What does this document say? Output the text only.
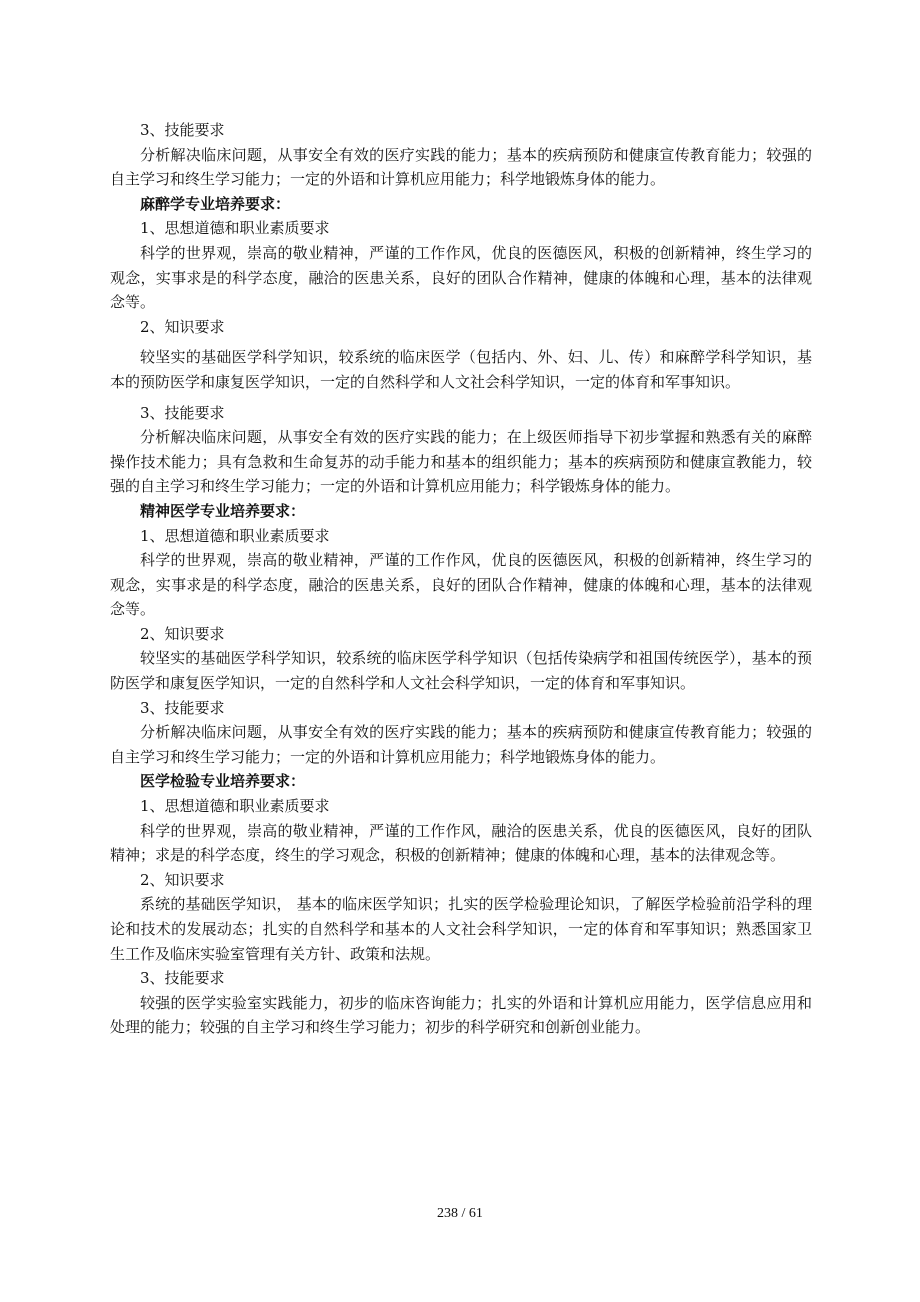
3、技能要求

分析解决临床问题，从事安全有效的医疗实践的能力；基本的疾病预防和健康宣传教育能力；较强的自主学习和终生学习能力；一定的外语和计算机应用能力；科学地锻炼身体的能力。

麻醉学专业培养要求：

1、思想道德和职业素质要求

科学的世界观，崇高的敬业精神，严谨的工作作风，优良的医德医风，积极的创新精神，终生学习的观念，实事求是的科学态度，融洽的医患关系，良好的团队合作精神，健康的体魄和心理，基本的法律观念等。

2、知识要求

较坚实的基础医学科学知识，较系统的临床医学（包括内、外、妇、儿、传）和麻醉学科学知识，基本的预防医学和康复医学知识，一定的自然科学和人文社会科学知识，一定的体育和军事知识。

3、技能要求

分析解决临床问题，从事安全有效的医疗实践的能力；在上级医师指导下初步掌握和熟悉有关的麻醉操作技术能力；具有急救和生命复苏的动手能力和基本的组织能力；基本的疾病预防和健康宣教能力，较强的自主学习和终生学习能力；一定的外语和计算机应用能力；科学锻炼身体的能力。

精神医学专业培养要求：

1、思想道德和职业素质要求

科学的世界观，崇高的敬业精神，严谨的工作作风，优良的医德医风，积极的创新精神，终生学习的观念，实事求是的科学态度，融洽的医患关系，良好的团队合作精神，健康的体魄和心理，基本的法律观念等。

2、知识要求

较坚实的基础医学科学知识，较系统的临床医学科学知识（包括传染病学和祖国传统医学），基本的预防医学和康复医学知识，一定的自然科学和人文社会科学知识，一定的体育和军事知识。

3、技能要求

分析解决临床问题，从事安全有效的医疗实践的能力；基本的疾病预防和健康宣传教育能力；较强的自主学习和终生学习能力；一定的外语和计算机应用能力；科学地锻炼身体的能力。

医学检验专业培养要求：

1、思想道德和职业素质要求

科学的世界观，崇高的敬业精神，严谨的工作作风，融洽的医患关系，优良的医德医风，良好的团队精神；求是的科学态度，终生的学习观念，积极的创新精神；健康的体魄和心理，基本的法律观念等。

2、知识要求

系统的基础医学知识， 基本的临床医学知识；扎实的医学检验理论知识，了解医学检验前沿学科的理论和技术的发展动态；扎实的自然科学和基本的人文社会科学知识，一定的体育和军事知识；熟悉国家卫生工作及临床实验室管理有关方针、政策和法规。

3、技能要求

较强的医学实验室实践能力，初步的临床咨询能力；扎实的外语和计算机应用能力，医学信息应用和处理的能力；较强的自主学习和终生学习能力；初步的科学研究和创新创业能力。

238 / 61
